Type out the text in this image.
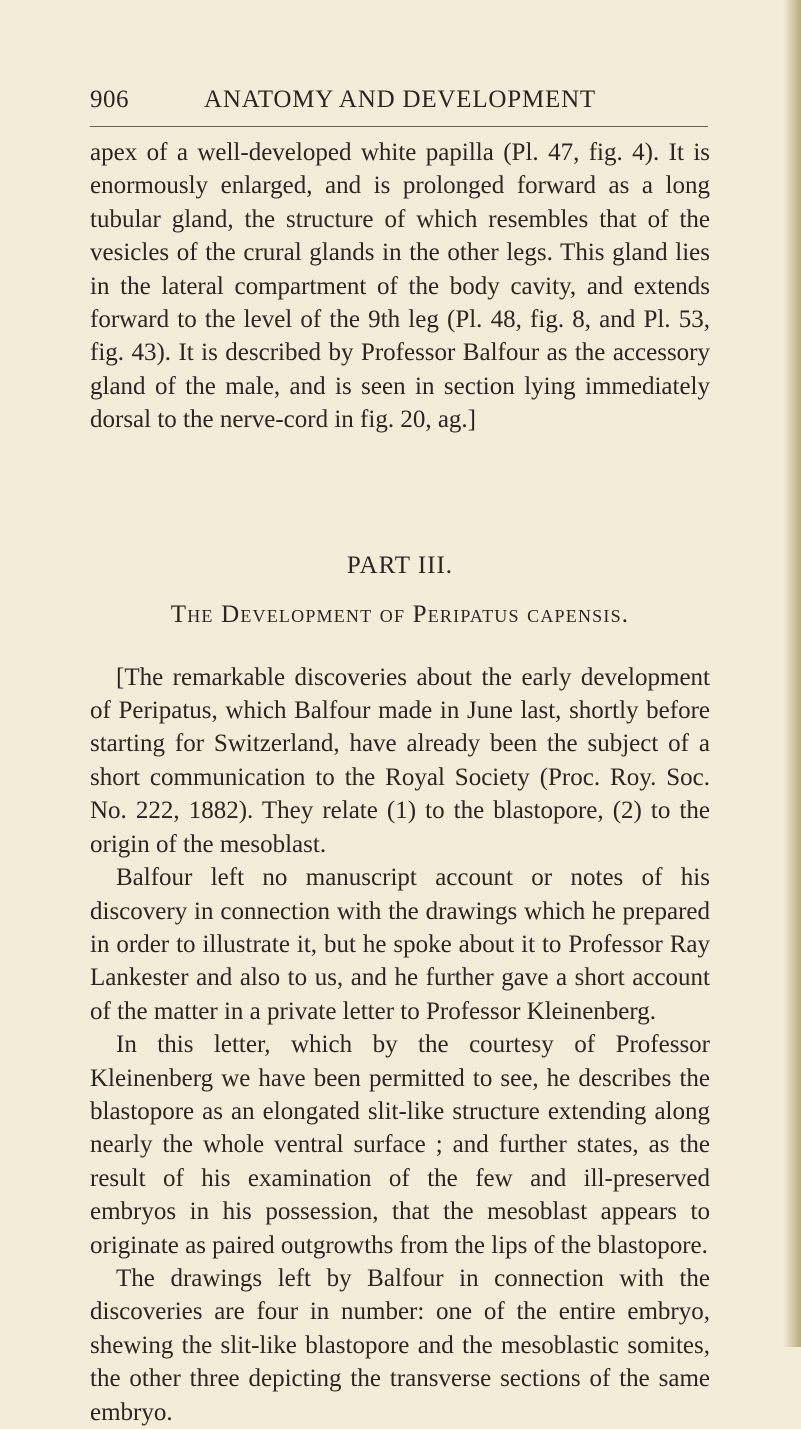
906	ANATOMY AND DEVELOPMENT

apex of a well-developed white papilla (Pl. 47, fig. 4). It is enormously enlarged, and is prolonged forward as a long tubular gland, the structure of which resembles that of the vesicles of the crural glands in the other legs. This gland lies in the lateral compartment of the body cavity, and extends forward to the level of the 9th leg (Pl. 48, fig. 8, and Pl. 53, fig. 43). It is described by Professor Balfour as the accessory gland of the male, and is seen in section lying immediately dorsal to the nerve-cord in fig. 20, ag.]

PART III.
The Development of Peripatus capensis.

[The remarkable discoveries about the early development of Peripatus, which Balfour made in June last, shortly before starting for Switzerland, have already been the subject of a short communication to the Royal Society (Proc. Roy. Soc. No. 222, 1882). They relate (1) to the blastopore, (2) to the origin of the mesoblast.

Balfour left no manuscript account or notes of his discovery in connection with the drawings which he prepared in order to illustrate it, but he spoke about it to Professor Ray Lankester and also to us, and he further gave a short account of the matter in a private letter to Professor Kleinenberg.

In this letter, which by the courtesy of Professor Kleinenberg we have been permitted to see, he describes the blastopore as an elongated slit-like structure extending along nearly the whole ventral surface ; and further states, as the result of his examination of the few and ill-preserved embryos in his possession, that the mesoblast appears to originate as paired outgrowths from the lips of the blastopore.

The drawings left by Balfour in connection with the discoveries are four in number: one of the entire embryo, shewing the slit-like blastopore and the mesoblastic somites, the other three depicting the transverse sections of the same embryo.
